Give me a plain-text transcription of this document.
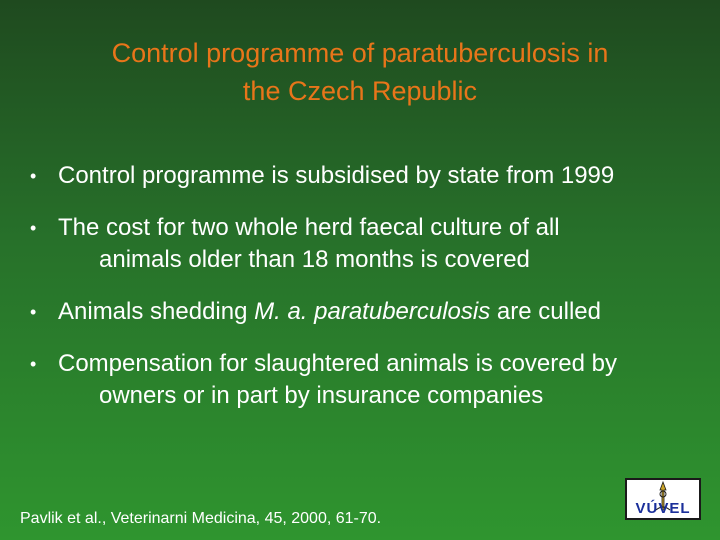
Control programme of paratuberculosis in
the Czech Republic
• Control programme is subsidised by state from 1999
• The cost for two whole herd faecal culture of all
animals older than 18 months is covered
• Animals shedding M. a. paratuberculosis are culled
• Compensation for slaughtered animals is covered by
owners or in part by insurance companies
Pavlik et al., Veterinarni Medicina, 45, 2000, 61-70.
VÚVEL
